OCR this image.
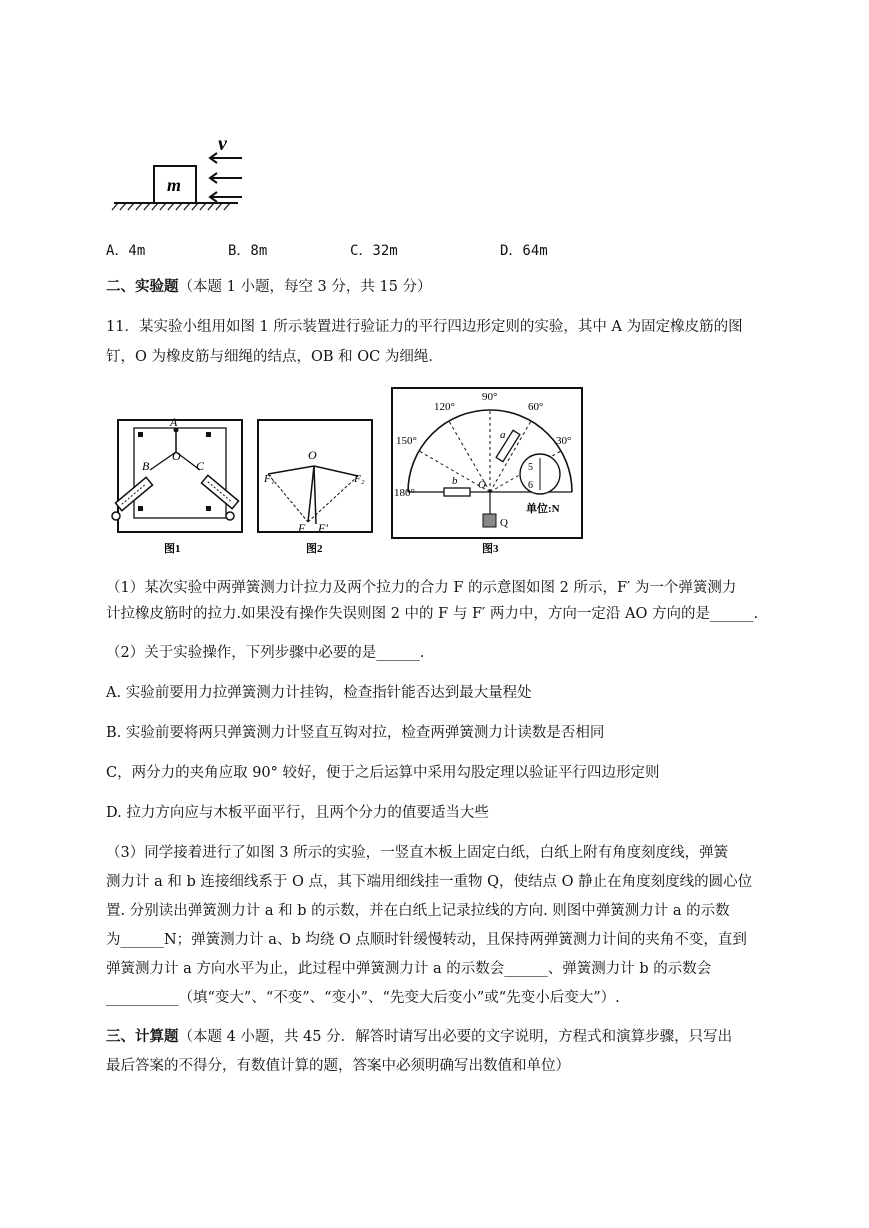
v
m
A．4m	B．8m	C．32m	D．64m
二、实验题（本题 1 小题，每空 3 分，共 15 分）
11．某实验小组用如图 1 所示装置进行验证力的平行四边形定则的实验，其中 A 为固定橡皮筋的图
钉，O 为橡皮筋与细绳的结点，OB 和 OC 为细绳．
A
O
B	C
图1
O
F₁	F₂
F F′
图2
120°
90°
60°
150°	30°
180°
a
b O
Q
5
6
单位:N
图3
（1）某次实验中两弹簧测力计拉力及两个拉力的合力 F 的示意图如图 2 所示，F′ 为一个弹簧测力
计拉橡皮筋时的拉力.如果没有操作失误则图 2 中的 F 与 F′ 两力中，方向一定沿 AO 方向的是______.
（2）关于实验操作，下列步骤中必要的是______.
A. 实验前要用力拉弹簧测力计挂钩，检查指针能否达到最大量程处
B. 实验前要将两只弹簧测力计竖直互钩对拉，检查两弹簧测力计读数是否相同
C，两分力的夹角应取 90° 较好，便于之后运算中采用勾股定理以验证平行四边形定则
D. 拉力方向应与木板平面平行，且两个分力的值要适当大些
（3）同学接着进行了如图 3 所示的实验，一竖直木板上固定白纸，白纸上附有角度刻度线，弹簧
测力计 a 和 b 连接细线系于 O 点，其下端用细线挂一重物 Q，使结点 O 静止在角度刻度线的圆心位
置. 分别读出弹簧测力计 a 和 b 的示数，并在白纸上记录拉线的方向. 则图中弹簧测力计 a 的示数
为______N；弹簧测力计 a、b 均绕 O 点顺时针缓慢转动，且保持两弹簧测力计间的夹角不变，直到
弹簧测力计 a 方向水平为止，此过程中弹簧测力计 a 的示数会______、弹簧测力计 b 的示数会
__________（填“变大”、“不变”、“变小”、“先变大后变小”或“先变小后变大”）.
三、计算题（本题 4 小题，共 45 分．解答时请写出必要的文字说明，方程式和演算步骤，只写出
最后答案的不得分，有数值计算的题，答案中必须明确写出数值和单位）
